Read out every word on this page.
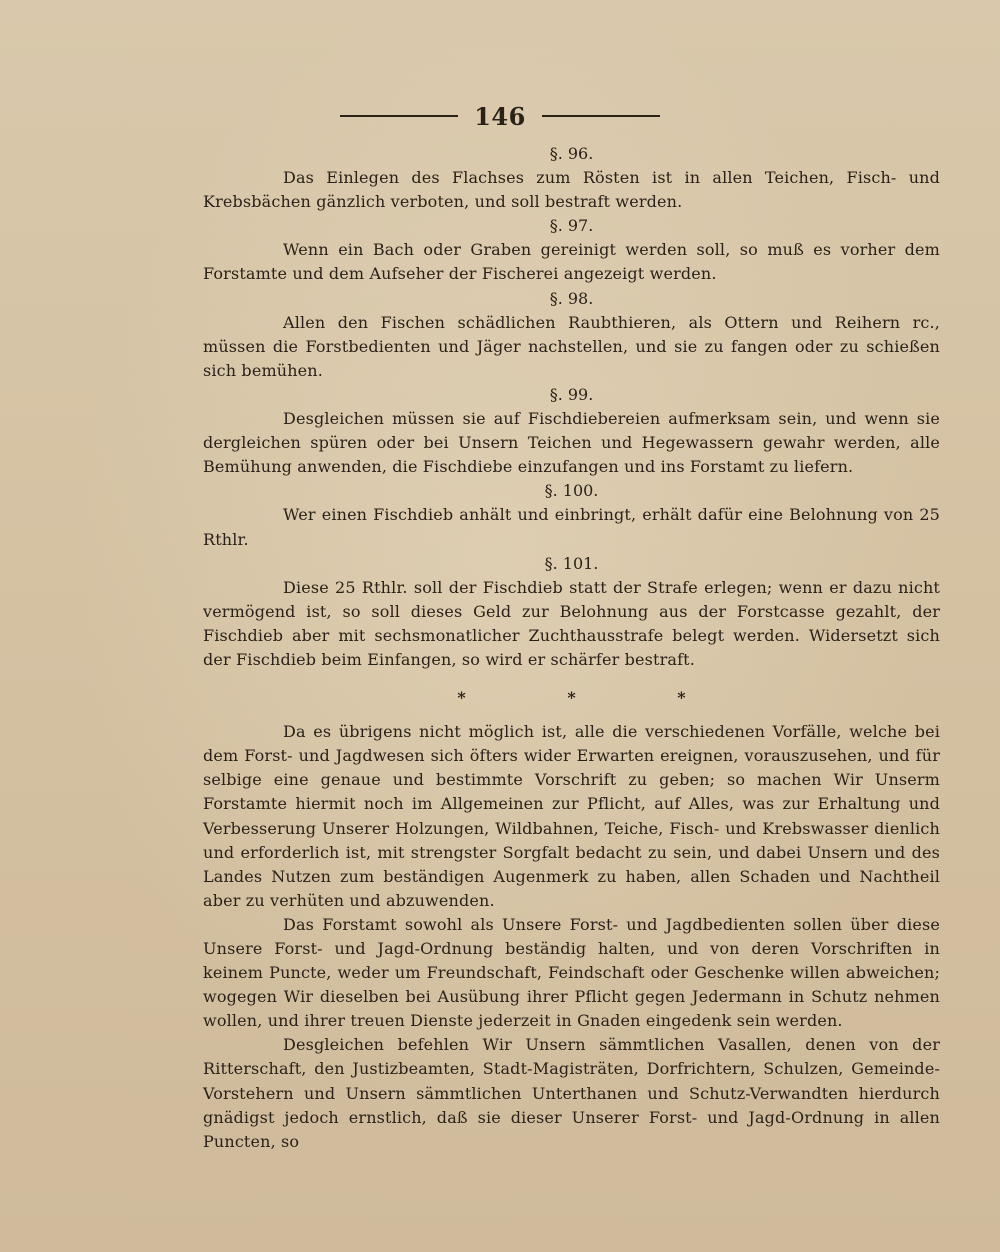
146
§. 96.

Das Einlegen des Flachses zum Rösten ist in allen Teichen, Fisch- und Krebsbächen gänzlich verboten, und soll bestraft werden.

§. 97.

Wenn ein Bach oder Graben gereinigt werden soll, so muß es vorher dem Forstamte und dem Aufseher der Fischerei angezeigt werden.

§. 98.

Allen den Fischen schädlichen Raubthieren, als Ottern und Reihern rc., müssen die Forstbedienten und Jäger nachstellen, und sie zu fangen oder zu schießen sich bemühen.

§. 99.

Desgleichen müssen sie auf Fischdiebereien aufmerksam sein, und wenn sie dergleichen spüren oder bei Unsern Teichen und Hegewassern gewahr werden, alle Bemühung anwenden, die Fischdiebe einzufangen und ins Forstamt zu liefern.

§. 100.

Wer einen Fischdieb anhält und einbringt, erhält dafür eine Belohnung von 25 Rthlr.

§. 101.

Diese 25 Rthlr. soll der Fischdieb statt der Strafe erlegen; wenn er dazu nicht vermögend ist, so soll dieses Geld zur Belohnung aus der Forstcasse gezahlt, der Fischdieb aber mit sechsmonatlicher Zuchthausstrafe belegt werden. Widersetzt sich der Fischdieb beim Einfangen, so wird er schärfer bestraft.

* * *

Da es übrigens nicht möglich ist, alle die verschiedenen Vorfälle, welche bei dem Forst- und Jagdwesen sich öfters wider Erwarten ereignen, vorauszusehen, und für selbige eine genaue und bestimmte Vorschrift zu geben; so machen Wir Unserm Forstamte hiermit noch im Allgemeinen zur Pflicht, auf Alles, was zur Erhaltung und Verbesserung Unserer Holzungen, Wildbahnen, Teiche, Fisch- und Krebswasser dienlich und erforderlich ist, mit strengster Sorgfalt bedacht zu sein, und dabei Unsern und des Landes Nutzen zum beständigen Augenmerk zu haben, allen Schaden und Nachtheil aber zu verhüten und abzuwenden.

Das Forstamt sowohl als Unsere Forst- und Jagdbedienten sollen über diese Unsere Forst- und Jagd-Ordnung beständig halten, und von deren Vorschriften in keinem Puncte, weder um Freundschaft, Feindschaft oder Geschenke willen abweichen; wogegen Wir dieselben bei Ausübung ihrer Pflicht gegen Jedermann in Schutz nehmen wollen, und ihrer treuen Dienste jederzeit in Gnaden eingedenk sein werden.

Desgleichen befehlen Wir Unsern sämmtlichen Vasallen, denen von der Ritterschaft, den Justizbeamten, Stadt-Magisträten, Dorfrichtern, Schulzen, Gemeinde-Vorstehern und Unsern sämmtlichen Unterthanen und Schutz-Verwandten hierdurch gnädigst jedoch ernstlich, daß sie dieser Unserer Forst- und Jagd-Ordnung in allen Puncten, so
